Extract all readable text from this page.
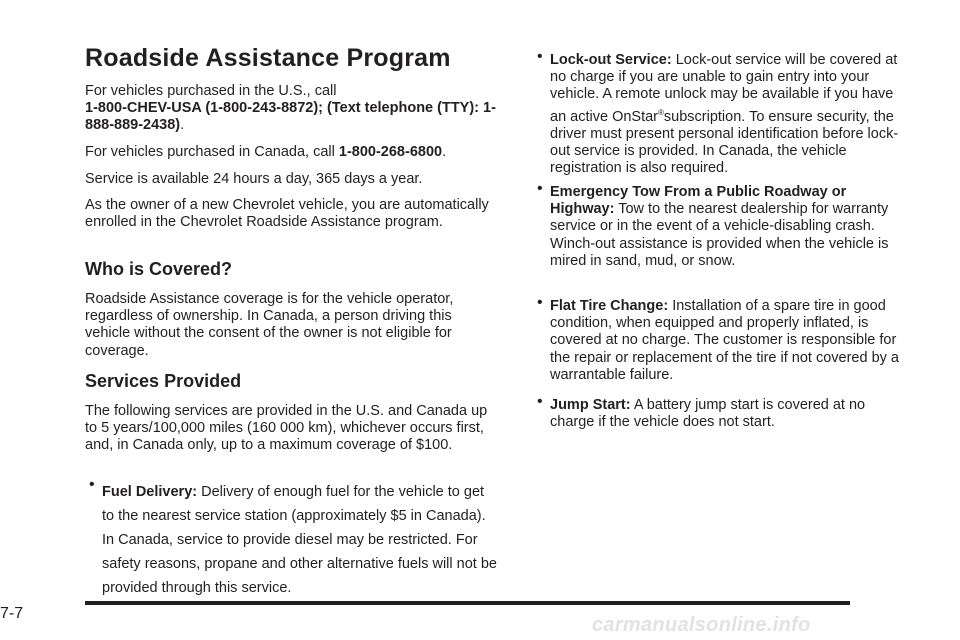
Roadside Assistance Program

For vehicles purchased in the U.S., call
1-800-CHEV-USA (1-800-243-8872); (Text telephone (TTY): 1-888-889-2438).

For vehicles purchased in Canada, call 1-800-268-6800.

Service is available 24 hours a day, 365 days a year.

As the owner of a new Chevrolet vehicle, you are automatically enrolled in the Chevrolet Roadside Assistance program.

Who is Covered?

Roadside Assistance coverage is for the vehicle operator, regardless of ownership. In Canada, a person driving this vehicle without the consent of the owner is not eligible for coverage.

Services Provided

The following services are provided in the U.S. and Canada up to 5 years/100,000 miles (160 000 km), whichever occurs first, and, in Canada only, up to a maximum coverage of $100.

• Fuel Delivery: Delivery of enough fuel for the vehicle to get to the nearest service station (approximately $5 in Canada). In Canada, service to provide diesel may be restricted. For safety reasons, propane and other alternative fuels will not be provided through this service.
• Lock-out Service: Lock-out service will be covered at no charge if you are unable to gain entry into your vehicle. A remote unlock may be available if you have an active OnStar®subscription. To ensure security, the driver must present personal identification before lock-out service is provided. In Canada, the vehicle registration is also required.
• Emergency Tow From a Public Roadway or Highway: Tow to the nearest dealership for warranty service or in the event of a vehicle-disabling crash. Winch-out assistance is provided when the vehicle is mired in sand, mud, or snow.
• Flat Tire Change: Installation of a spare tire in good condition, when equipped and properly inflated, is covered at no charge. The customer is responsible for the repair or replacement of the tire if not covered by a warrantable failure.
• Jump Start: A battery jump start is covered at no charge if the vehicle does not start.

7-7

carmanualsonline.info
